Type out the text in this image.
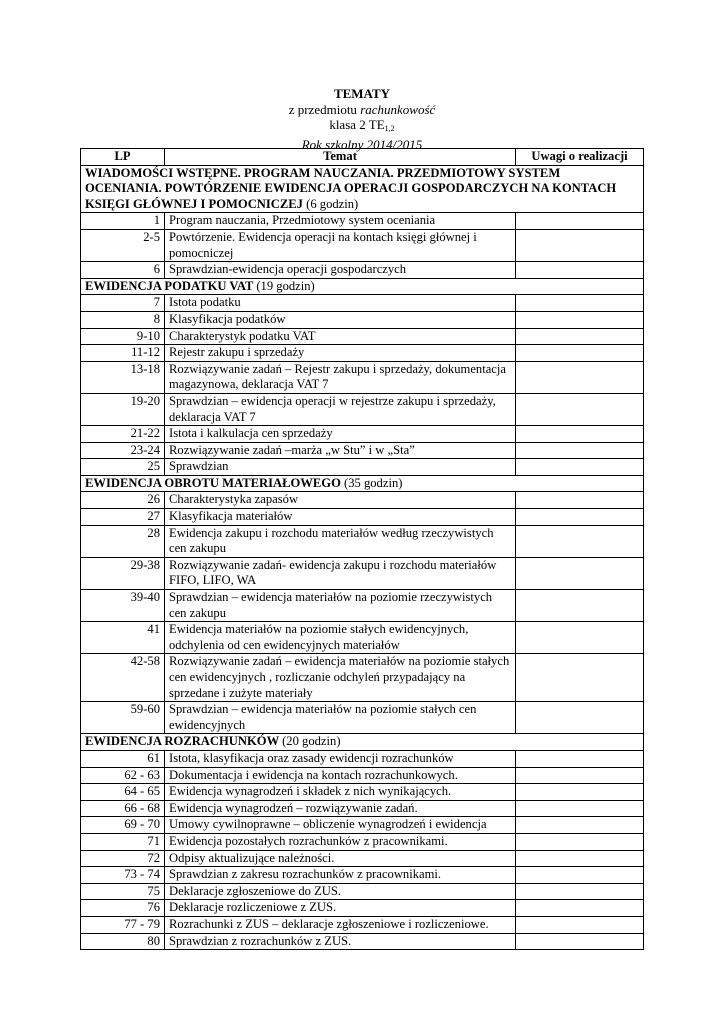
TEMATY
z przedmiotu rachunkowość
klasa 2 $TE_{1,2}$
Rok szkolny 2014/2015
LP	Temat	Uwagi o realizacji
WIADOMOŚCI WSTĘPNE. PROGRAM NAUCZANIA. PRZEDMIOTOWY SYSTEM OCENIANIA. POWTÓRZENIE EWIDENCJA OPERACJI GOSPODARCZYCH NA KONTACH KSIĘGI GŁÓWNEJ I POMOCNICZEJ (6 godzin)		
1	Program nauczania, Przedmiotowy system oceniania	
2-5	Powtórzenie. Ewidencja operacji na kontach księgi głównej i pomocniczej	
6	Sprawdzian-ewidencja operacji gospodarczych	
EWIDENCJA PODATKU VAT (19 godzin)		
7	Istota podatku	
8	Klasyfikacja podatków	
9-10	Charakterystyk podatku VAT	
11-12	Rejestr zakupu i sprzedaży	
13-18	Rozwiązywanie zadań – Rejestr zakupu i sprzedaży, dokumentacja magazynowa, deklaracja VAT 7	
19-20	Sprawdzian – ewidencja operacji w rejestrze zakupu i sprzedaży, deklaracja VAT 7	
21-22	Istota i kalkulacja cen sprzedaży	
23-24	Rozwiązywanie zadań –marża „w Stu” i w „Sta”	
25	Sprawdzian	
EWIDENCJA OBROTU MATERIAŁOWEGO (35 godzin)		
26	Charakterystyka zapasów	
27	Klasyfikacja materiałów	
28	Ewidencja zakupu i rozchodu materiałów według rzeczywistych cen zakupu	
29-38	Rozwiązywanie zadań- ewidencja zakupu i rozchodu materiałów FIFO, LIFO, WA	
39-40	Sprawdzian – ewidencja materiałów na poziomie rzeczywistych cen zakupu	
41	Ewidencja materiałów na poziomie stałych ewidencyjnych, odchylenia od cen ewidencyjnych materiałów	
42-58	Rozwiązywanie zadań – ewidencja materiałów na poziomie stałych cen ewidencyjnych , rozliczanie odchyleń przypadający na sprzedane i zużyte materiały	
59-60	Sprawdzian – ewidencja materiałów na poziomie stałych cen ewidencyjnych	
EWIDENCJA ROZRACHUNKÓW (20 godzin)		
61	Istota, klasyfikacja oraz zasady ewidencji rozrachunków	
62 - 63	Dokumentacja i ewidencja na kontach rozrachunkowych.	
64 - 65	Ewidencja wynagrodzeń i składek z nich wynikających.	
66 - 68	Ewidencja wynagrodzeń – rozwiązywanie zadań.	
69 - 70	Umowy cywilnoprawne – obliczenie wynagrodzeń i ewidencja	
71	Ewidencja pozostałych rozrachunków z pracownikami.	
72	Odpisy aktualizujące należności.	
73 - 74	Sprawdzian z zakresu rozrachunków z pracownikami.	
75	Deklaracje zgłoszeniowe do ZUS.	
76	Deklaracje rozliczeniowe z ZUS.	
77 - 79	Rozrachunki z ZUS – deklaracje zgłoszeniowe i rozliczeniowe.	
80	Sprawdzian z rozrachunków z ZUS.	
